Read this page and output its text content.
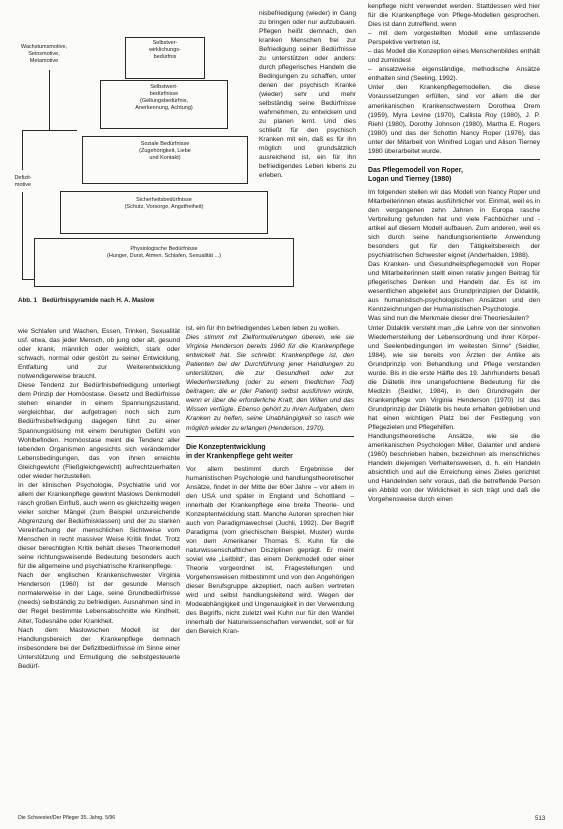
Selbstver-
wirklichungs-
bedürfnis
Selbstwert-
bedürfnisse
(Geltungsbedürfnis,
Anerkennung, Achtung)
Soziale Bedürfnisse
(Zugehörigkeit, Liebe
und Kontakt)
Sicherheitsbedürfnisse
(Schutz, Vorsorge, Angstfreiheit)
Physiologische Bedürfnisse
(Hunger, Durst, Atmen, Schlafen, Sexualität ...)
Wachstumsmotive,
Seinsmotive,
Metamotive
Defizit-
motive
Abb. 1 Bedürfnispyramide nach H. A. Maslow

nisbefriedigung (wieder) in Gang zu bringen oder nur aufzubauen. Pflegen heißt demnach, den kranken Menschen frei zur Befriedigung seiner Bedürfnisse zu unterstützen oder anders: durch pflegerisches Handeln die Bedingungen zu schaffen, unter denen der psychisch Kranke (wieder) sehr und mehr selbständig seine Bedürfnisse wahrnehmen, zu entwickeln und zu planen lernt. Und dies schließt für den psychisch Kranken mit ein, daß es für ihn möglich und grundsätzlich ausreichend ist, ein für ihn befriedigendes Leben lebens zu erleben.

wie Schlafen und Wachen, Essen, Trinken, Sexualität usf. etwa, das jeder Mensch, ob jung oder alt, gesund oder krank, männlich oder weiblich, stark oder schwach, normal oder gestört zu seiner Entwicklung, Entfaltung und zur Weiterentwicklung notwendigerweise braucht.

Diese Tendenz zur Bedürfnisbefriedigung unterliegt dem Prinzip der Homöostase. Gesetz und Bedürfnisse stehen einander in einem Spannungszustand, vergleichbar, der aufgetragen noch sich zum Bedürfnisbefriedigung dagegen führt zu einer Spannungslösung mit einem beruhigten Gefühl von Wohlbefinden. Homöostase meint die Tendenz aller lebenden Organismen angesichts sich verändernder Lebensbedingungen, das von ihnen erreichte Gleichgewicht (Fließgleichgewicht) aufrechtzuerhalten oder wieder herzustellen.

In der klinischen Psychologie, Psychiatrie und vor allem der Krankenpflege gewinnt Maslows Denkmodell rasch großen Einfluß, auch wenn es gleichzeitig wegen vieler solcher Mängel (zum Beispiel unzureichende Abgrenzung der Bedürfnisklassen) und der zu starken Vereinfachung der menschlichen Sichtweise vom Menschen in recht massiver Weise Kritik findet. Trotz dieser berechtigten Kritik behält dieses Theoriemodell seine richtungsweisende Bedeutung besonders auch für die allgemeine und psychiatrische Krankenpflege.

Nach der englischen Krankenschwester Virginia Henderson (1960) ist der gesunde Mensch normalerweise in der Lage, seine Grundbedürfnisse (needs) selbständig zu befriedigen. Ausnahmen sind in der Regel bestimmte Lebensabschnitte wie Kindheit, Alter, Todesnähe oder Krankheit.

Nach dem Maslowschen Modell ist der Handlungsbereich der Krankenpflege demnach insbesondere bei der Defizitbedürfnisse im Sinne einer Unterstützung und Ermutigung die selbstgesteuerte Bedürf-

ist, ein für ihn befriedigendes Leben leben zu wollen.

Dies stimmt mit Zielformulierungen überein, wie sie Virginia Henderson bereits 1960 für die Krankenpflege entwickelt hat. Sie schreibt: Krankenpflege ist, den Patienten bei der Durchführung jener Handlungen zu unterstützen, die zur Gesundheit oder zur Wiederherstellung (oder zu einem friedlichen Tod) beitragen, die er (der Patient) selbst ausführen würde, wenn er über die erforderliche Kraft, den Willen und das Wissen verfügte. Ebenso gehört zu ihren Aufgaben, dem Kranken zu helfen, seine Unabhängigkeit so rasch wie möglich wieder zu erlangen (Henderson, 1970).

Die Konzeptentwicklung
in der Krankenpflege geht weiter

Vor allem bestimmt durch Ergebnisse der humanistischen Psychologie und handlungstheoretischer Ansätze, findet in der Mitte der 60er Jahre – vor allem in den USA und später in England und Schottland – innerhalb der Krankenpflege eine breite Theorie- und Konzeptentwicklung statt. Manche Autoren sprechen hier auch von Paradigmawechsel (Juchli, 1992). Der Begriff Paradigma (vom griechischen Beispiel, Muster) wurde von dem Amerikaner Thomas S. Kuhn für die naturwissenschaftlichen Disziplinen geprägt. Er meint soviel wie „Leitbild“, das einem Denkmodell oder einer Theorie vorgeordnet ist, Fragestellungen und Vorgehensweisen mitbestimmt und von den Angehörigen dieser Berufsgruppe akzeptiert, nach außen vertreten wird und selbst handlungsleitend wird. Wegen der Modeabhängigkeit und Ungenauigkeit in der Verwendung des Begriffs, nicht zuletzt weil Kuhn nur für den Wandel innerhalb der Naturwissenschaften verwendet, soll er für den Bereich Kran-

kenpflege nicht verwendet werden. Stattdessen wird hier für die Krankenpflege von Pflege-Modellen gesprochen. Dies ist dann zutreffend, wenn

– mit dem vorgestellten Modell eine umfassende Perspektive vertreten ist,

– das Modell die Konzeption eines Menschenbildes enthält und zumindest

– ansatzweise eigenständige, methodische Ansätze enthalten sind (Seeling, 1992).

Unter den Krankenpflegemodellen, die diese Voraussetzungen erfüllen, sind vor allem die der amerikanischen Krankenschwestern Dorothea Orem (1959), Myra Levine (1970), Callista Roy (1980), J. P. Riehl (1980), Dorothy Johnson (1980), Martha E. Rogers (1980) und das der Schottin Nancy Roper (1976), das unter der Mitarbeit von Winifred Logan und Alison Tierney 1980 überarbeitet wurde.

Das Pflegemodell von Roper,
Logan und Tierney (1980)

Im folgenden stellen wir das Modell von Nancy Roper und Mitarbeiterinnen etwas ausführlicher vor. Einmal, weil es in den vergangenen zehn Jahren in Europa rasche Verbreitung gefunden hat und viele Fachbücher und -artikel auf diesem Modell aufbauen. Zum anderen, weil es sich durch seine handlungsorientierte Anwendung besonders gut für den Tätigkeitsbereich der psychiatrischen Schwester eignet (Anderhalden, 1988).

Das Kranken- und Gesundheitspflegemodell von Roper und Mitarbeiterinnen stellt einen relativ jungen Beitrag für pflegerisches Denken und Handeln dar. Es ist im wesentlichen abgeleitet aus Grundprinzipien der Didaktik, aus humanistisch-psychologischen Ansätzen und den Kennzeichnungen der Humanistischen Psychologie.

Was sind nun die Merkmale dieser drei Theoriesäulen?

Unter Didaktik versteht man „die Lehre von der sinnvollen Wiederherstellung der Lebensordnung und ihrer Körper- und Seelenbedingungen im weitesten Sinne“ (Seidler, 1984), wie sie bereits von Ärzten der Antike als Grundprinzip von Behandlung und Pflege verstanden wurde. Bis in die erste Hälfte des 19. Jahrhunderts besaß die Diätetik ihre unangefochtene Bedeutung für die Medizin (Seidler, 1984), in den Grundregeln der Krankenpflege von Virginia Henderson (1970) ist das Grundprinzip der Diätetik bis heute erhalten geblieben und hat einen wichtigen Platz bei der Festlegung von Pflegezielen und Pflegehilfen.

Handlungstheoretische Ansätze, wie sie die amerikanischen Psychologen Miller, Galanter und andere (1960) beschrieben haben, bezeichnen als menschliches Handeln diejenigen Verhaltensweisen, d. h. ein Handeln absichtlich und auf die Erreichung eines Zieles gerichtet und Handelnden sehr voraus, daß die betreffende Person ein Abbild von der Wirklichkeit in sich trägt und daß die Vorgehensweise durch einen

Die Schwester/Der Pfleger 35. Jahrg. 5/96	513
